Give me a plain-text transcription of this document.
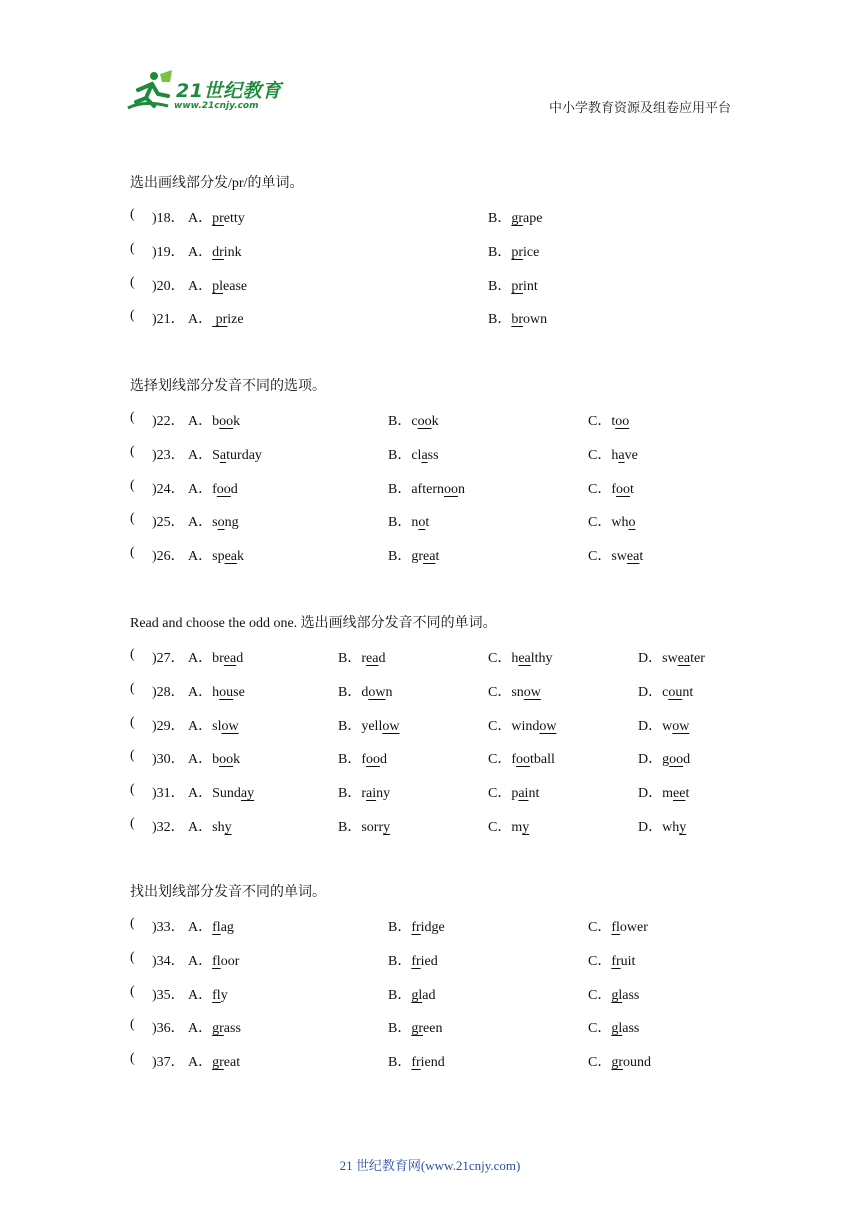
21世纪教育
www.21cnjy.com	中小学教育资源及组卷应用平台
选出画线部分发/pr/的单词。
( )18． A．pretty	B．grape
( )19． A．drink	B．price
( )20． A．please	B．print
( )21． A． prize	B．brown
选择划线部分发音不同的选项。
( )22． A．book	B．cook	C．too
( )23． A．Saturday	B．class	C．have
( )24． A．food	B．afternoon	C．foot
( )25． A．song	B．not	C．who
( )26． A．speak	B．great	C．sweat
Read and choose the odd one. 选出画线部分发音不同的单词。
( )27． A．bread	B．read	C．healthy	D．sweater
( )28． A．house	B．down	C．snow	D．count
( )29． A．slow	B．yellow	C．window	D．wow
( )30． A．book	B．food	C．football	D．good
( )31． A．Sunday	B．rainy	C．paint	D．meet
( )32． A．shy	B．sorry	C．my	D．why
找出划线部分发音不同的单词。
( )33． A．flag	B．fridge	C．flower
( )34． A．floor	B．fried	C．fruit
( )35． A．fly	B．glad	C．glass
( )36． A．grass	B．green	C．glass
( )37． A．great	B．friend	C．ground
21 世纪教育网(www.21cnjy.com)
